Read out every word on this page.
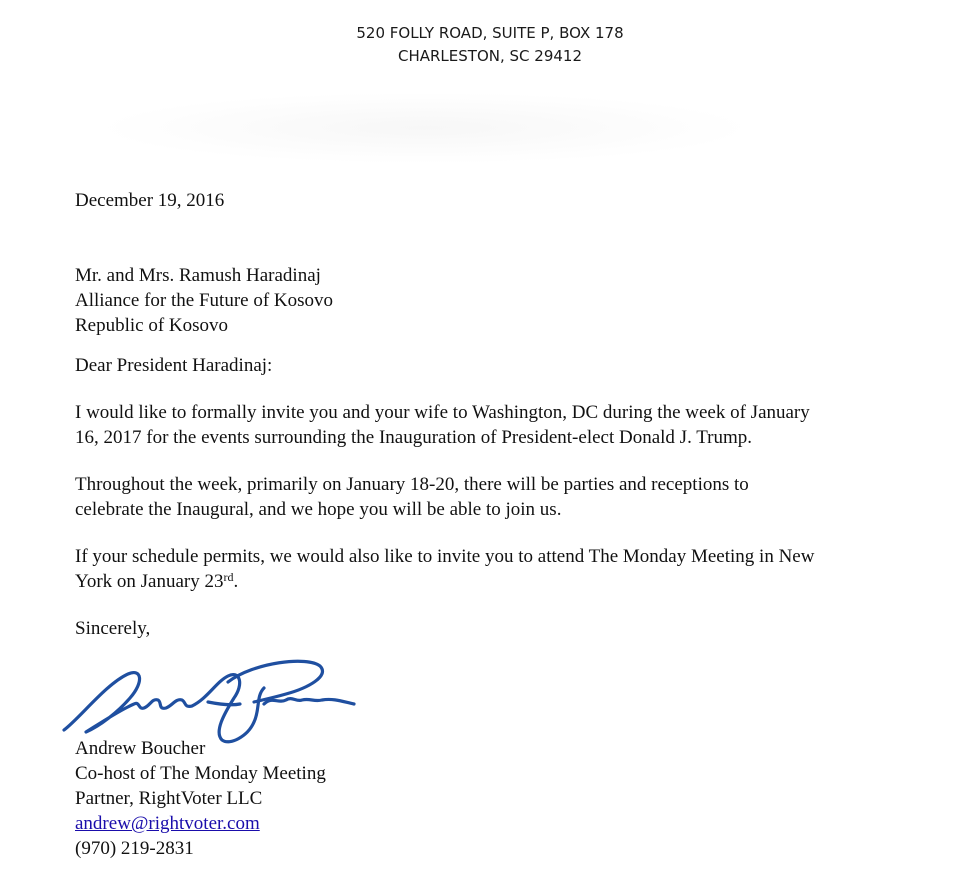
520 FOLLY ROAD, SUITE P, BOX 178
CHARLESTON, SC 29412

December 19, 2016

Mr. and Mrs. Ramush Haradinaj
Alliance for the Future of Kosovo
Republic of Kosovo

Dear President Haradinaj:

I would like to formally invite you and your wife to Washington, DC during the week of January
16, 2017 for the events surrounding the Inauguration of President-elect Donald J. Trump.

Throughout the week, primarily on January 18-20, there will be parties and receptions to
celebrate the Inaugural, and we hope you will be able to join us.

If your schedule permits, we would also like to invite you to attend The Monday Meeting in New
York on January 23rd.

Sincerely,

Andrew Boucher
Co-host of The Monday Meeting
Partner, RightVoter LLC
andrew@rightvoter.com
(970) 219-2831
